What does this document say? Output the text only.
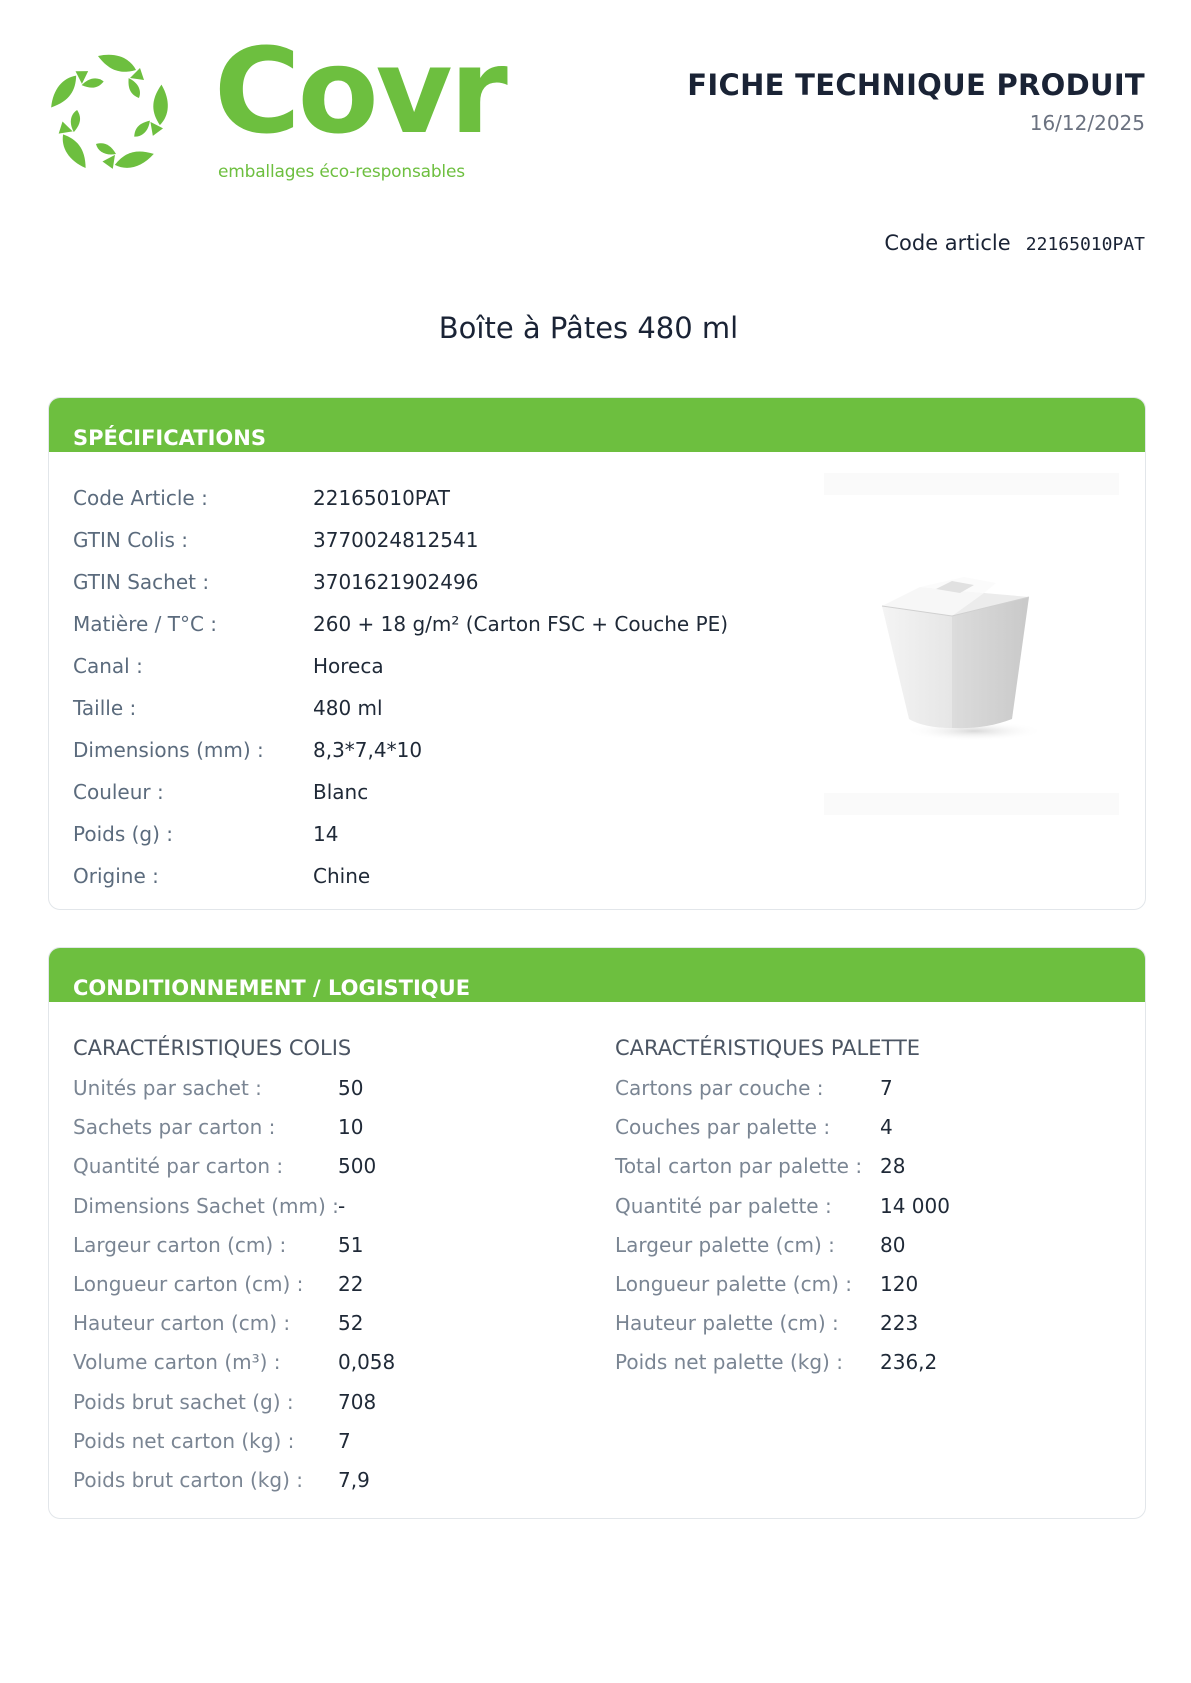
Covr
emballages éco-responsables
FICHE TECHNIQUE PRODUIT
16/12/2025
Code article 22165010PAT
Boîte à Pâtes 480 ml
SPÉCIFICATIONS
Code Article :	22165010PAT
GTIN Colis :	3770024812541
GTIN Sachet :	3701621902496
Matière / T°C :	260 + 18 g/m² (Carton FSC + Couche PE)
Canal :	Horeca
Taille :	480 ml
Dimensions (mm) :	8,3*7,4*10
Couleur :	Blanc
Poids (g) :	14
Origine :	Chine
CONDITIONNEMENT / LOGISTIQUE
CARACTÉRISTIQUES COLIS
Unités par sachet :	50
Sachets par carton :	10
Quantité par carton :	500
Dimensions Sachet (mm) : -
Largeur carton (cm) :	51
Longueur carton (cm) :	22
Hauteur carton (cm) :	52
Volume carton (m³) :	0,058
Poids brut sachet (g) :	708
Poids net carton (kg) :	7
Poids brut carton (kg) :	7,9
CARACTÉRISTIQUES PALETTE
Cartons par couche :	7
Couches par palette :	4
Total carton par palette : 28
Quantité par palette :	14 000
Largeur palette (cm) :	80
Longueur palette (cm) :	120
Hauteur palette (cm) :	223
Poids net palette (kg) :	236,2
